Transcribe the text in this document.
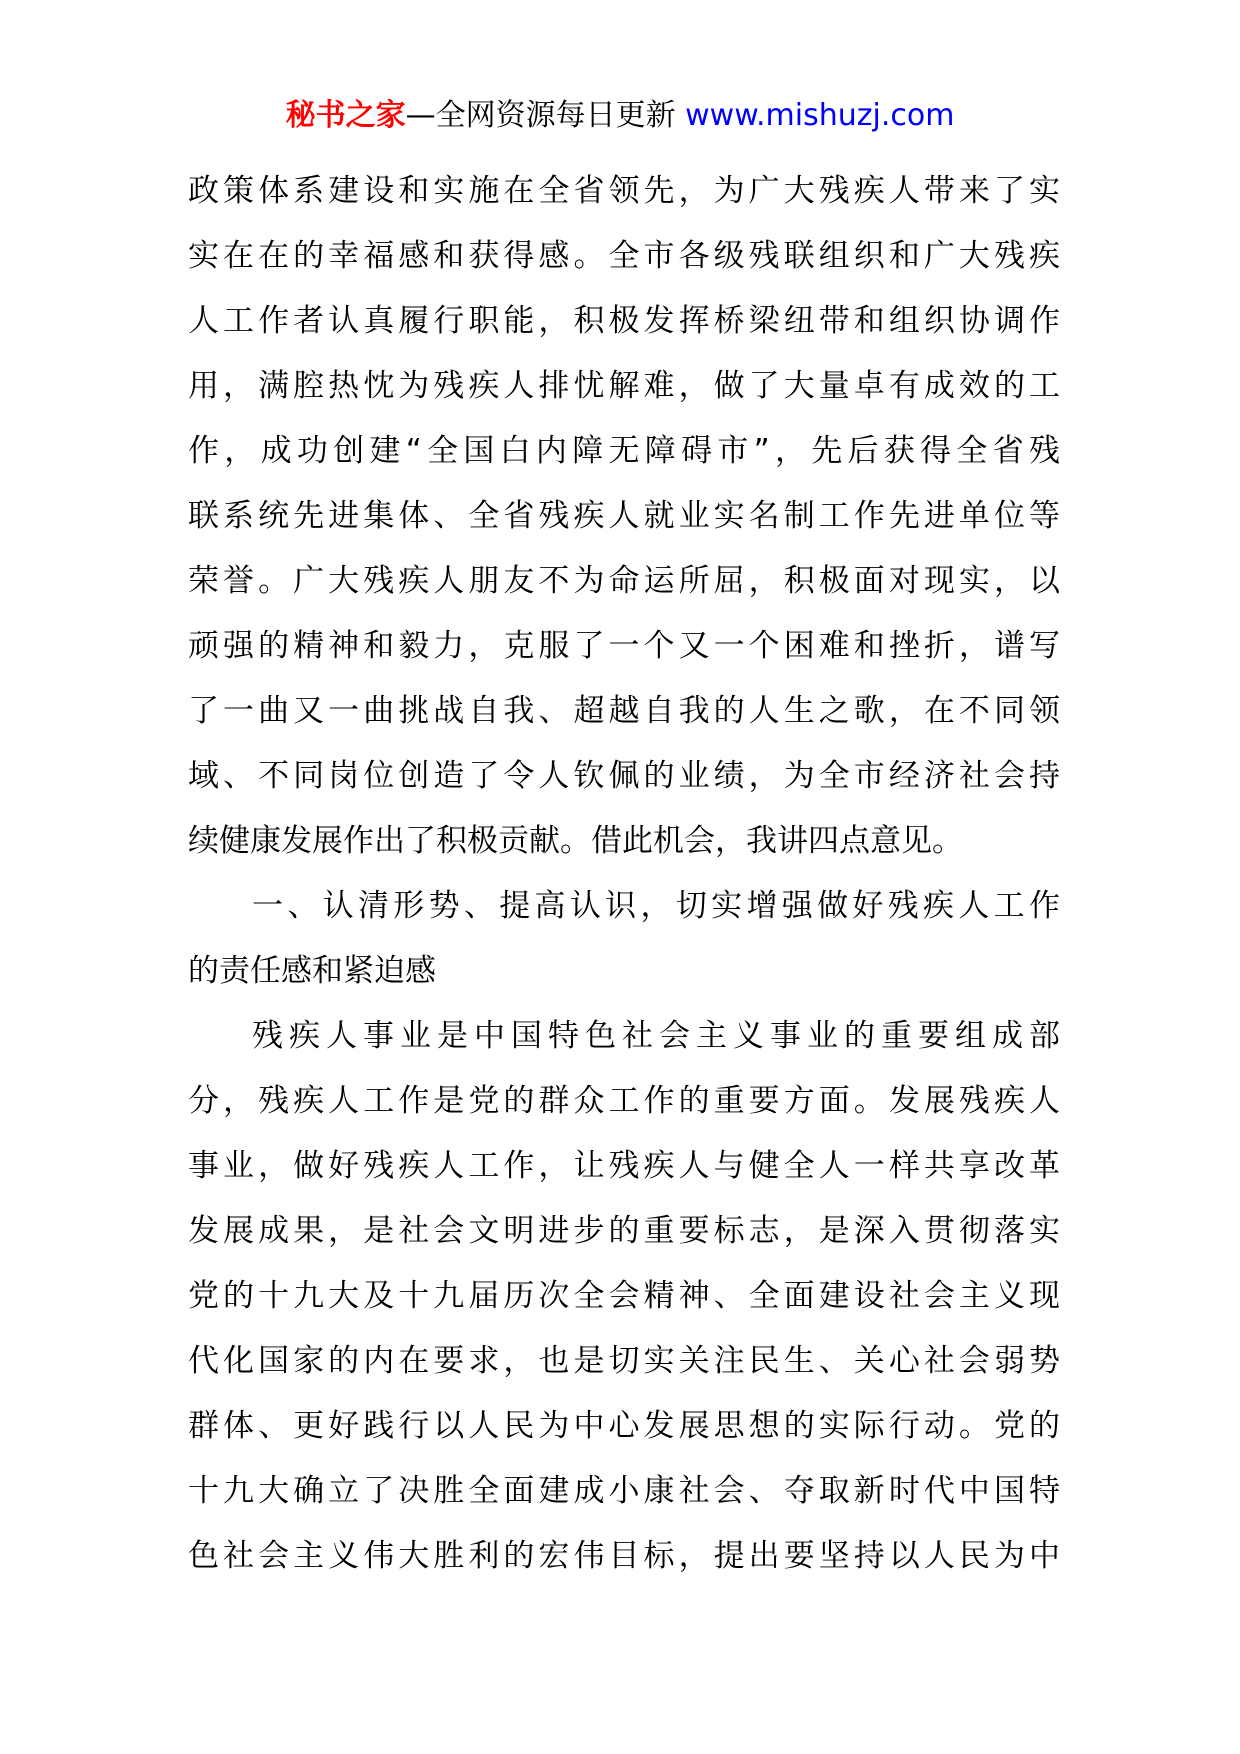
秘书之家—全网资源每日更新 www.mishuzj.com
政策体系建设和实施在全省领先，为广大残疾人带来了实
实在在的幸福感和获得感。全市各级残联组织和广大残疾
人工作者认真履行职能，积极发挥桥梁纽带和组织协调作
用，满腔热忱为残疾人排忧解难，做了大量卓有成效的工
作，成功创建“全国白内障无障碍市”，先后获得全省残
联系统先进集体、全省残疾人就业实名制工作先进单位等
荣誉。广大残疾人朋友不为命运所屈，积极面对现实，以
顽强的精神和毅力，克服了一个又一个困难和挫折，谱写
了一曲又一曲挑战自我、超越自我的人生之歌，在不同领
域、不同岗位创造了令人钦佩的业绩，为全市经济社会持
续健康发展作出了积极贡献。借此机会，我讲四点意见。
一、认清形势、提高认识，切实增强做好残疾人工作
的责任感和紧迫感
残疾人事业是中国特色社会主义事业的重要组成部
分，残疾人工作是党的群众工作的重要方面。发展残疾人
事业，做好残疾人工作，让残疾人与健全人一样共享改革
发展成果，是社会文明进步的重要标志，是深入贯彻落实
党的十九大及十九届历次全会精神、全面建设社会主义现
代化国家的内在要求，也是切实关注民生、关心社会弱势
群体、更好践行以人民为中心发展思想的实际行动。党的
十九大确立了决胜全面建成小康社会、夺取新时代中国特
色社会主义伟大胜利的宏伟目标，提出要坚持以人民为中
